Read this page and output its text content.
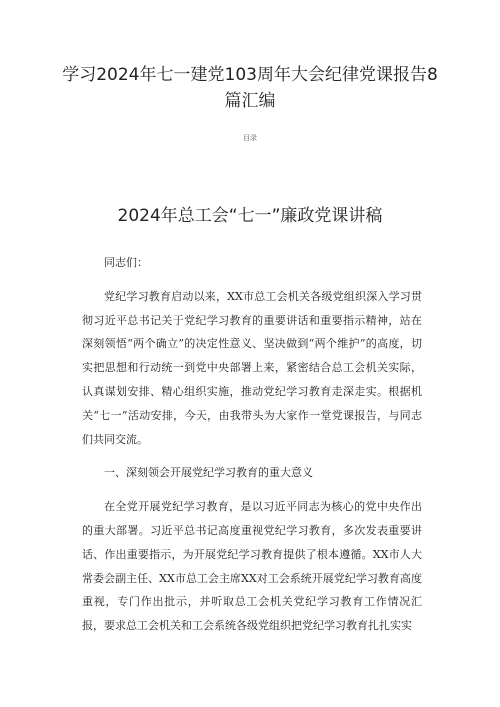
学习2024年七一建党103周年大会纪律党课报告8篇汇编
目录
2024年总工会“七一”廉政党课讲稿

同志们：

党纪学习教育启动以来，XX市总工会机关各级党组织深入学习贯彻习近平总书记关于党纪学习教育的重要讲话和重要指示精神，站在深刻领悟“两个确立”的决定性意义、坚决做到“两个维护”的高度，切实把思想和行动统一到党中央部署上来，紧密结合总工会机关实际，认真谋划安排、精心组织实施，推动党纪学习教育走深走实。根据机关“七一”活动安排，今天，由我带头为大家作一堂党课报告，与同志们共同交流。

一、深刻领会开展党纪学习教育的重大意义

在全党开展党纪学习教育，是以习近平同志为核心的党中央作出的重大部署。习近平总书记高度重视党纪学习教育，多次发表重要讲话、作出重要指示，为开展党纪学习教育提供了根本遵循。XX市人大常委会副主任、XX市总工会主席XX对工会系统开展党纪学习教育高度重视，专门作出批示，并听取总工会机关党纪学习教育工作情况汇报，要求总工会机关和工会系统各级党组织把党纪学习教育扎扎实实
